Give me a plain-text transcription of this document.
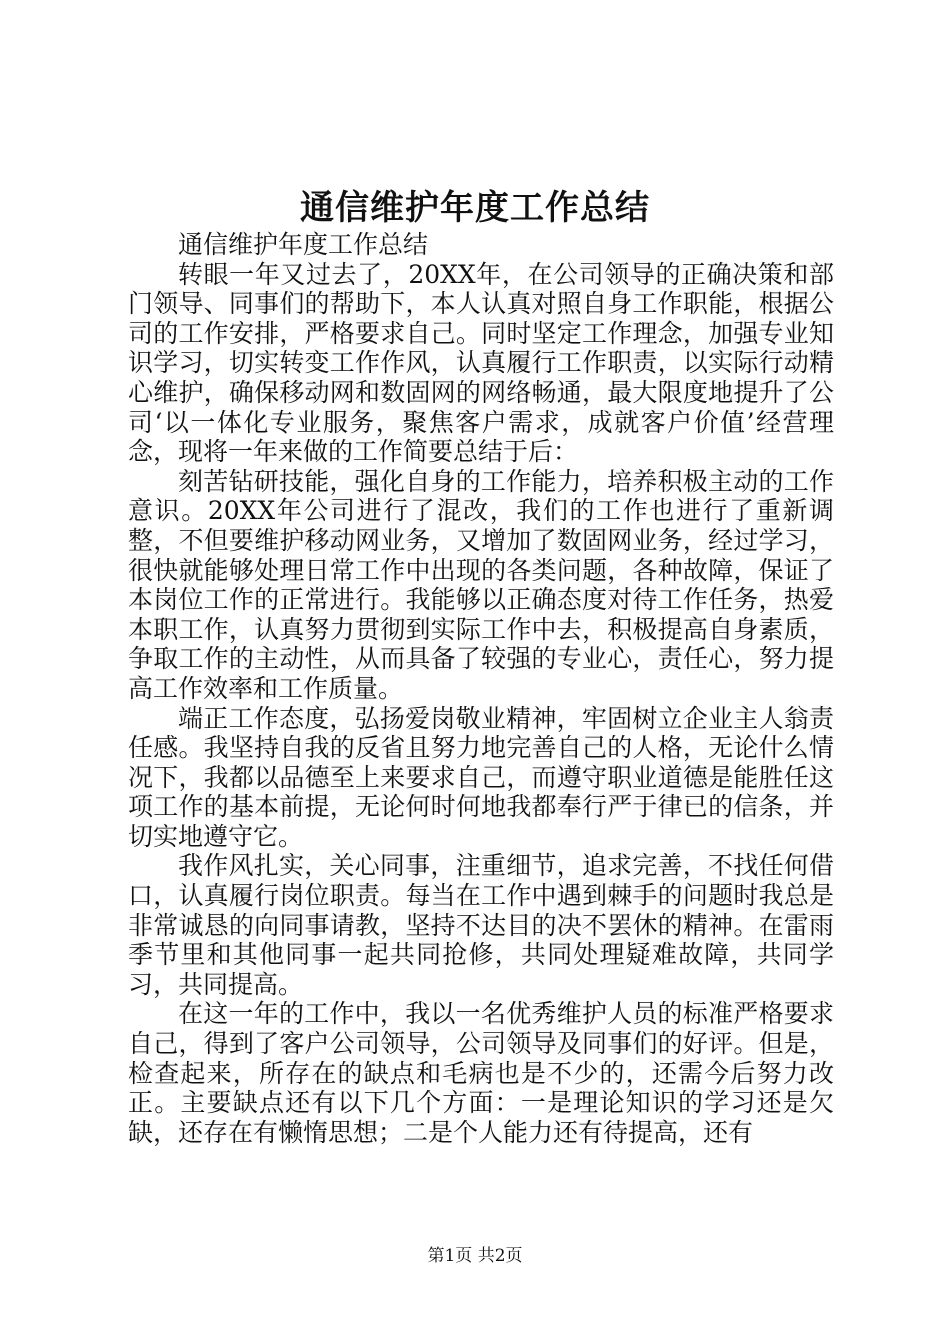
通信维护年度工作总结

通信维护年度工作总结

转眼一年又过去了，20XX年，在公司领导的正确决策和部门领导、同事们的帮助下，本人认真对照自身工作职能，根据公司的工作安排，严格要求自己。同时坚定工作理念，加强专业知识学习，切实转变工作作风，认真履行工作职责，以实际行动精心维护，确保移动网和数固网的网络畅通，最大限度地提升了公司‘以一体化专业服务，聚焦客户需求，成就客户价值’经营理念，现将一年来做的工作简要总结于后：

刻苦钻研技能，强化自身的工作能力，培养积极主动的工作意识。20XX年公司进行了混改，我们的工作也进行了重新调整，不但要维护移动网业务，又增加了数固网业务，经过学习，很快就能够处理日常工作中出现的各类问题，各种故障，保证了本岗位工作的正常进行。我能够以正确态度对待工作任务，热爱本职工作，认真努力贯彻到实际工作中去，积极提高自身素质，争取工作的主动性，从而具备了较强的专业心，责任心，努力提高工作效率和工作质量。

端正工作态度，弘扬爱岗敬业精神，牢固树立企业主人翁责任感。我坚持自我的反省且努力地完善自己的人格，无论什么情况下，我都以品德至上来要求自己，而遵守职业道德是能胜任这项工作的基本前提，无论何时何地我都奉行严于律已的信条，并切实地遵守它。

我作风扎实，关心同事，注重细节，追求完善，不找任何借口，认真履行岗位职责。每当在工作中遇到棘手的问题时我总是非常诚恳的向同事请教，坚持不达目的决不罢休的精神。在雷雨季节里和其他同事一起共同抢修，共同处理疑难故障，共同学习，共同提高。

在这一年的工作中，我以一名优秀维护人员的标准严格要求自己，得到了客户公司领导，公司领导及同事们的好评。但是，检查起来，所存在的缺点和毛病也是不少的，还需今后努力改正。主要缺点还有以下几个方面：一是理论知识的学习还是欠缺，还存在有懒惰思想；二是个人能力还有待提高，还有

第1页 共2页
